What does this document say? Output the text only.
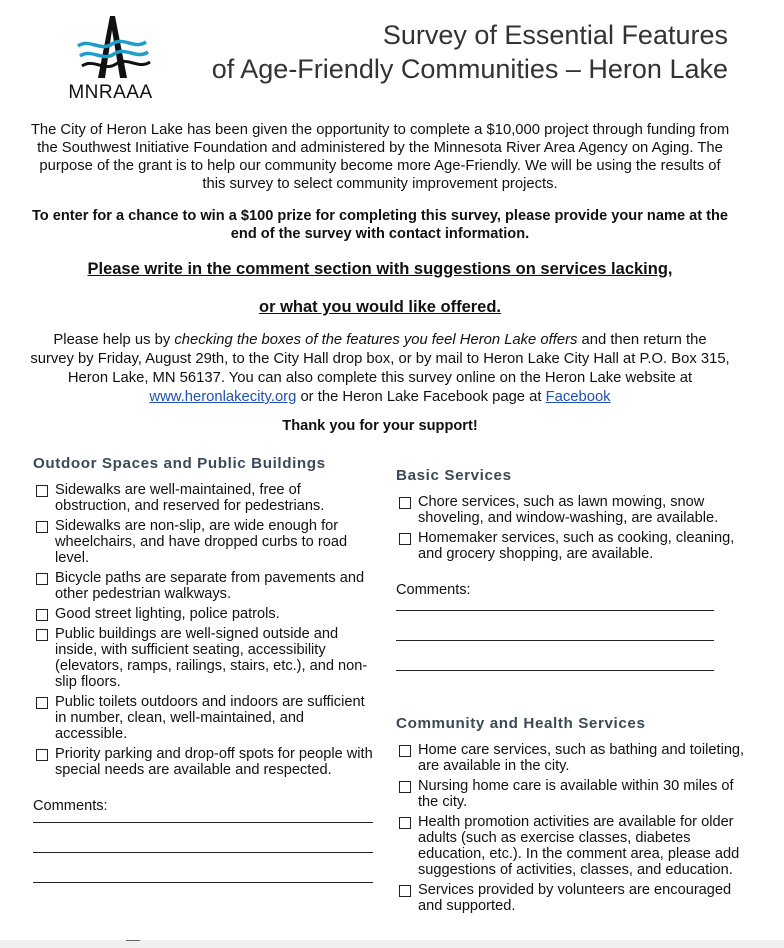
MNRAAA
Survey of Essential Features
of Age-Friendly Communities – Heron Lake
The City of Heron Lake has been given the opportunity to complete a $10,000 project through funding from the Southwest Initiative Foundation and administered by the Minnesota River Area Agency on Aging. The purpose of the grant is to help our community become more Age-Friendly. We will be using the results of this survey to select community improvement projects.
To enter for a chance to win a $100 prize for completing this survey, please provide your name at the end of the survey with contact information.
Please write in the comment section with suggestions on services lacking,
or what you would like offered.
Please help us by checking the boxes of the features you feel Heron Lake offers and then return the survey by Friday, August 29th, to the City Hall drop box, or by mail to Heron Lake City Hall at P.O. Box 315, Heron Lake, MN 56137. You can also complete this survey online on the Heron Lake website at www.heronlakecity.org or the Heron Lake Facebook page at Facebook
Thank you for your support!
Outdoor Spaces and Public Buildings
Sidewalks are well-maintained, free of obstruction, and reserved for pedestrians.
Sidewalks are non-slip, are wide enough for wheelchairs, and have dropped curbs to road level.
Bicycle paths are separate from pavements and other pedestrian walkways.
Good street lighting, police patrols.
Public buildings are well-signed outside and inside, with sufficient seating, accessibility (elevators, ramps, railings, stairs, etc.), and non-slip floors.
Public toilets outdoors and indoors are sufficient in number, clean, well-maintained, and accessible.
Priority parking and drop-off spots for people with special needs are available and respected.
Comments:
Basic Services
Chore services, such as lawn mowing, snow shoveling, and window-washing, are available.
Homemaker services, such as cooking, cleaning, and grocery shopping, are available.
Comments:
Community and Health Services
Home care services, such as bathing and toileting, are available in the city.
Nursing home care is available within 30 miles of the city.
Health promotion activities are available for older adults (such as exercise classes, diabetes education, etc.). In the comment area, please add suggestions of activities, classes, and education.
Services provided by volunteers are encouraged and supported.
